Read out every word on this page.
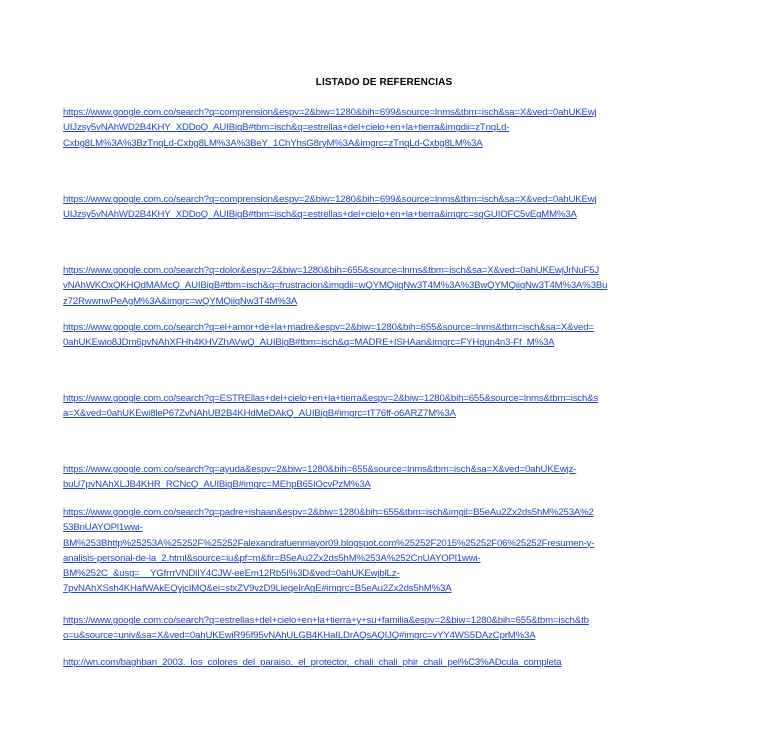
LISTADO DE REFERENCIAS
https://www.google.com.co/search?q=comprension&espv=2&biw=1280&bih=699&source=lnms&tbm=isch&sa=X&ved=0ahUKEwj
UIJzsy5vNAhWD2B4KHY_XDDoQ_AUIBigB#tbm=isch&q=estrellas+del+cielo+en+la+tierra&imgdii=zTnqLd-
Cxbg8LM%3A%3BzTnqLd-Cxbg8LM%3A%3BeY_1ChYhsG8ryM%3A&imgrc=zTnqLd-Cxbg8LM%3A
https://www.google.com.co/search?q=comprension&espv=2&biw=1280&bih=699&source=lnms&tbm=isch&sa=X&ved=0ahUKEwj
UIJzsy5vNAhWD2B4KHY_XDDoQ_AUIBigB#tbm=isch&q=estrellas+del+cielo+en+la+tierra&imgrc=sqGUIOFC5vEgMM%3A
https://www.google.com.co/search?q=dolor&espv=2&biw=1280&bih=655&source=lnms&tbm=isch&sa=X&ved=0ahUKEwjJrNuF5J
vNAhWKOxQKHQdMAMcQ_AUIBigB#tbm=isch&q=frustracion&imgdii=wQYMQiiqNw3T4M%3A%3BwQYMQiiqNw3T4M%3A%3Bu
z72RwwnwPeAgM%3A&imgrc=wQYMQiiqNw3T4M%3A
https://www.google.com.co/search?q=el+amor+de+la+madre&espv=2&biw=1280&bih=655&source=lnms&tbm=isch&sa=X&ved=
0ahUKEwio8JDm6pvNAhXFHh4KHVZhAVwQ_AUIBigB#tbm=isch&q=MADRE+ISHAan&imgrc=FYHqun4n3-Ff_M%3A
https://www.google.com.co/search?q=ESTREllas+del+cielo+en+la+tierra&espv=2&biw=1280&bih=655&source=lnms&tbm=isch&s
a=X&ved=0ahUKEwi8leP67ZvNAhUB2B4KHdMeDAkQ_AUIBigB#imgrc=tT76ff-o6ARZ7M%3A
https://www.google.com.co/search?q=ayuda&espv=2&biw=1280&bih=655&source=lnms&tbm=isch&sa=X&ved=0ahUKEwjz-
buU7pvNAhXLJB4KHR_RCNcQ_AUIBigB#imgrc=MEhpB65IOcvPzM%3A
https://www.google.com.co/search?q=padre+ishaan&espv=2&biw=1280&bih=655&tbm=isch&imgil=B5eAu2Zx2ds5hM%253A%2
53BnUAYOPl1wwi-
BM%253Bhttp%25253A%25252F%25252Falexandrafuenmayor09.blogspot.com%25252F2015%25252F06%25252Fresumen-y-
analisis-personal-de-la_2.html&source=iu&pf=m&fir=B5eAu2Zx2ds5hM%253A%252CnUAYOPl1wwi-
BM%252C_&usg=__YGfrrrVNDlIY4CJW-eeEm12Rb5I%3D&ved=0ahUKEwjblLz-
7pvNAhXSsh4KHafWAkEQyjcIMQ&ei=stxZV9vzD9LleqeIrAgE#imgrc=B5eAu2Zx2ds5hM%3A
https://www.google.com.co/search?q=estrellas+del+cielo+en+la+tierra+y+su+familia&espv=2&biw=1280&bih=655&tbm=isch&tb
o=u&source=univ&sa=X&ved=0ahUKEwiR95f95vNAhULGB4KHaILDrAQsAQIJQ#imgrc=vYY4WS5DAzCprM%3A
http://wn.com/baghban_2003._los_colores_del_paraiso,_el_protector,_chali_chali_phir_chali_pel%C3%ADcula_completa
